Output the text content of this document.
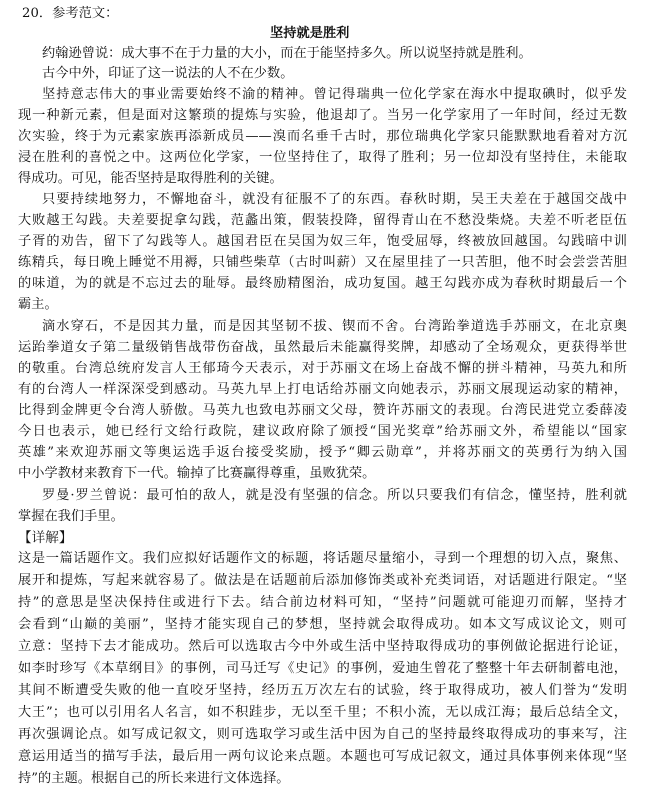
20．参考范文：
坚持就是胜利
约翰逊曾说：成大事不在于力量的大小，而在于能坚持多久。所以说坚持就是胜利。
古今中外，印证了这一说法的人不在少数。
坚持意志伟大的事业需要始终不渝的精神。曾记得瑞典一位化学家在海水中提取碘时，似乎发
现一种新元素，但是面对这繁琐的提炼与实验，他退却了。当另一化学家用了一年时间，经过无数
次实验，终于为元素家族再添新成员——溴而名垂千古时，那位瑞典化学家只能默默地看着对方沉
浸在胜利的喜悦之中。这两位化学家，一位坚持住了，取得了胜利；另一位却没有坚持住，未能取
得成功。可见，能否坚持是取得胜利的关键。
只要持续地努力，不懈地奋斗，就没有征服不了的东西。春秋时期，吴王夫差在于越国交战中
大败越王勾践。夫差要捉拿勾践，范蠡出策，假装投降，留得青山在不愁没柴烧。夫差不听老臣伍
子胥的劝告，留下了勾践等人。越国君臣在吴国为奴三年，饱受屈辱，终被放回越国。勾践暗中训
练精兵，每日晚上睡觉不用褥，只铺些柴草（古时叫薪）又在屋里挂了一只苦胆，他不时会尝尝苦胆
的味道，为的就是不忘过去的耻辱。最终励精图治，成功复国。越王勾践亦成为春秋时期最后一个
霸主。
滴水穿石，不是因其力量，而是因其坚韧不拔、锲而不舍。台湾跆拳道选手苏丽文，在北京奥
运跆拳道女子第二量级销售战带伤奋战，虽然最后未能赢得奖牌，却感动了全场观众，更获得举世
的敬重。台湾总统府发言人王郁琦今天表示，对于苏丽文在场上奋战不懈的拼斗精神，马英九和所
有的台湾人一样深深受到感动。马英九早上打电话给苏丽文向她表示，苏丽文展现运动家的精神，
比得到金牌更令台湾人骄傲。马英九也致电苏丽文父母，赞许苏丽文的表现。台湾民进党立委薛凌
今日也表示，她已经行文给行政院，建议政府除了颁授“国光奖章”给苏丽文外，希望能以“国家
英雄”来欢迎苏丽文等奥运选手返台接受奖励，授予“卿云勋章”，并将苏丽文的英勇行为纳入国
中小学教材来教育下一代。输掉了比赛赢得尊重，虽败犹荣。
罗曼·罗兰曾说：最可怕的敌人，就是没有坚强的信念。所以只要我们有信念，懂坚持，胜利就
掌握在我们手里。
【详解】
这是一篇话题作文。我们应拟好话题作文的标题，将话题尽量缩小，寻到一个理想的切入点，聚焦、
展开和提炼，写起来就容易了。做法是在话题前后添加修饰类或补充类词语，对话题进行限定。“坚
持”的意思是坚决保持住或进行下去。结合前边材料可知，“坚持”问题就可能迎刃而解，坚持才
会看到“山巅的美丽”，坚持才能实现自己的梦想，坚持就会取得成功。如本文写成议论文，则可
立意：坚持下去才能成功。然后可以选取古今中外或生活中坚持取得成功的事例做论据进行论证，
如李时珍写《本草纲目》的事例，司马迁写《史记》的事例，爱迪生曾花了整整十年去研制蓄电池，
其间不断遭受失败的他一直咬牙坚持，经历五万次左右的试验，终于取得成功，被人们誉为“发明
大王”；也可以引用名人名言，如不积跬步，无以至千里；不积小流，无以成江海；最后总结全文，
再次强调论点。如写成记叙文，则可选取学习或生活中因为自己的坚持最终取得成功的事来写，注
意运用适当的描写手法，最后用一两句议论来点题。本题也可写成记叙文，通过具体事例来体现“坚
持”的主题。根据自己的所长来进行文体选择。
